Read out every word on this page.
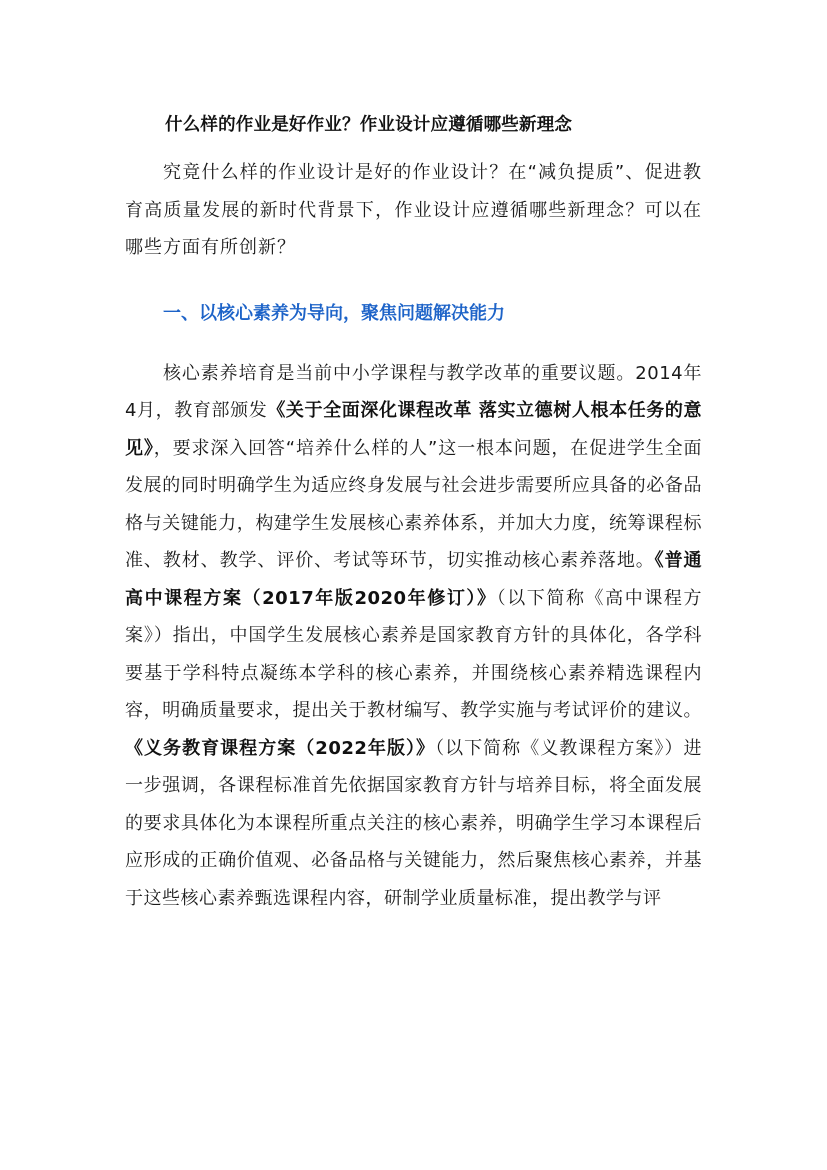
什么样的作业是好作业？作业设计应遵循哪些新理念

究竟什么样的作业设计是好的作业设计？在“减负提质”、促进教育高质量发展的新时代背景下，作业设计应遵循哪些新理念？可以在哪些方面有所创新？

一、以核心素养为导向，聚焦问题解决能力

核心素养培育是当前中小学课程与教学改革的重要议题。2014年4月，教育部颁发《关于全面深化课程改革 落实立德树人根本任务的意见》，要求深入回答“培养什么样的人”这一根本问题，在促进学生全面发展的同时明确学生为适应终身发展与社会进步需要所应具备的必备品格与关键能力，构建学生发展核心素养体系，并加大力度，统筹课程标准、教材、教学、评价、考试等环节，切实推动核心素养落地。《普通高中课程方案（2017年版2020年修订）》（以下简称《高中课程方案》）指出，中国学生发展核心素养是国家教育方针的具体化，各学科要基于学科特点凝练本学科的核心素养，并围绕核心素养精选课程内容，明确质量要求，提出关于教材编写、教学实施与考试评价的建议。《义务教育课程方案（2022年版）》（以下简称《义教课程方案》）进一步强调，各课程标准首先依据国家教育方针与培养目标，将全面发展的要求具体化为本课程所重点关注的核心素养，明确学生学习本课程后应形成的正确价值观、必备品格与关键能力，然后聚焦核心素养，并基于这些核心素养甄选课程内容，研制学业质量标准，提出教学与评
